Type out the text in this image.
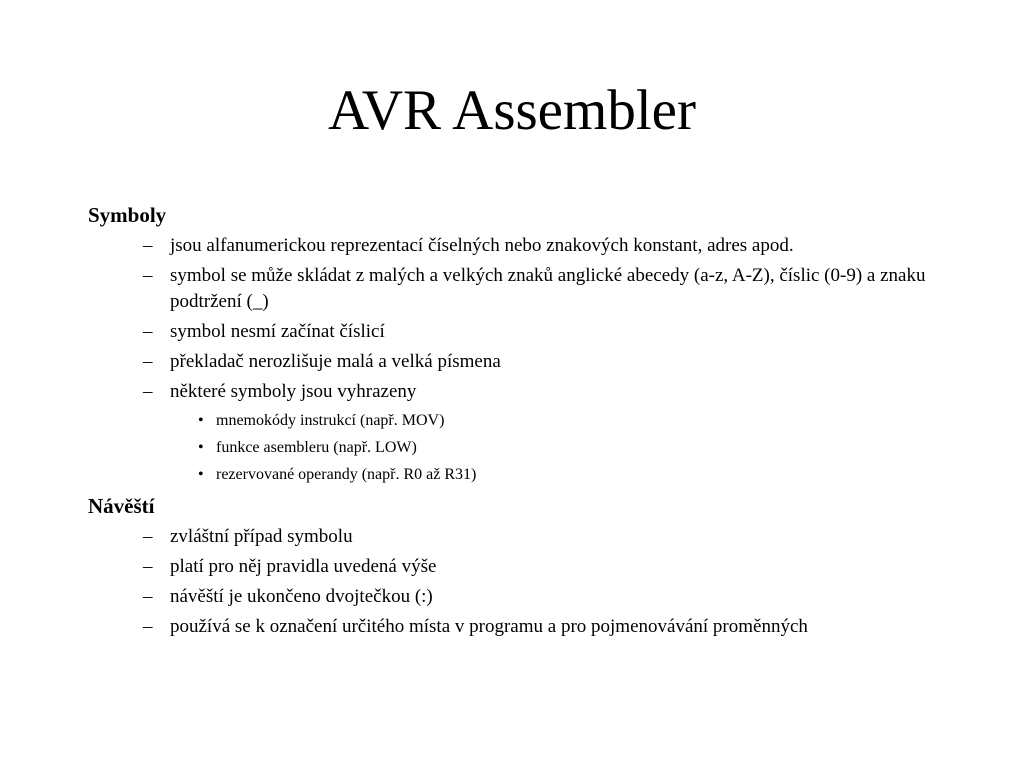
AVR Assembler

Symboly

– jsou alfanumerickou reprezentací číselných nebo znakových konstant, adres apod.
– symbol se může skládat z malých a velkých znaků anglické abecedy (a-z, A-Z), číslic (0-9) a znaku podtržení (_)
– symbol nesmí začínat číslicí
– překladač nerozlišuje malá a velká písmena
– některé symboly jsou vyhrazeny
• mnemokódy instrukcí (např. MOV)
• funkce asembleru (např. LOW)
• rezervované operandy (např. R0 až R31)

Návěští

– zvláštní případ symbolu
– platí pro něj pravidla uvedená výše
– návěští je ukončeno dvojtečkou (:)
– používá se k označení určitého místa v programu a pro pojmenovávání proměnných
